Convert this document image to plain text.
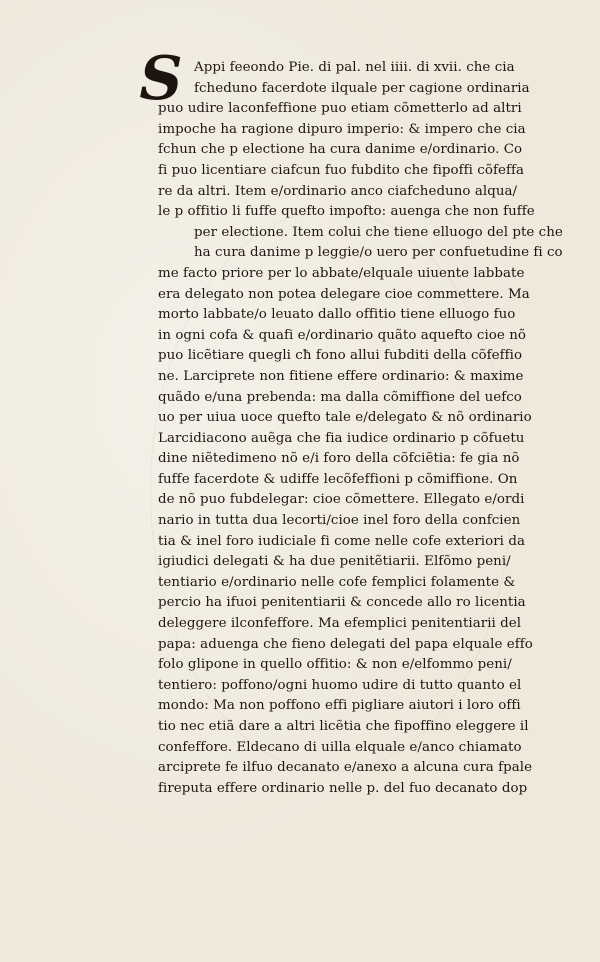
S Appi feeondo Pie. di pal. nel iiii. di xvii. che cia
fcheduno facerdote ilquale per cagione ordinaria
puo udire laconfeffione puo etiam cõmetterlo ad altri
impoche ha ragione dipuro imperio: & impero che cia
fchun che p electione ha cura danime e/ordinario. Co
fi puo licentiare ciafcun fuo fubdito che fipoffi cõfeffa
re da altri. Item e/ordinario anco ciafcheduno alqua/
le p offitio li fuffe quefto impofto: auenga che non fuffe
per electione. Item colui che tiene elluogo del pte che
ha cura danime p leggie/o uero per confuetudine fi co
me facto priore per lo abbate/elquale uiuente labbate
era delegato non potea delegare cioe commettere. Ma
morto labbate/o leuato dallo offitio tiene elluogo fuo
in ogni cofa & quafi e/ordinario quãto aquefto cioe nõ
puo licẽtiare quegli cħ fono allui fubditi della cõfeffio
ne. Larciprete non fitiene effere ordinario: & maxime
quãdo e/una prebenda: ma dalla cõmiffione del uefco
uo per uiua uoce quefto tale e/delegato & nõ ordinario
Larcidiacono auẽga che fia iudice ordinario p cõfuetu
dine niẽtedimeno nõ e/i foro della cõfciẽtia: fe gia nõ
fuffe facerdote & udiffe lecõfeffioni p cõmiffione. On
de nõ puo fubdelegar: cioe cõmettere. Ellegato e/ordi
nario in tutta dua lecorti/cioe inel foro della confcien
tia & inel foro iudiciale fi come nelle cofe exteriori da
igiudici delegati & ha due penitẽtiarii. Elfõmo peni/
tentiario e/ordinario nelle cofe femplici folamente &
percio ha ifuoi penitentiarii & concede allo ro licentia
deleggere ilconfeffore. Ma efemplici penitentiarii del
papa: aduenga che fieno delegati del papa elquale effo
folo glipone in quello offitio: & non e/elfommo peni/
tentiero: poffono/ogni huomo udire di tutto quanto el
mondo: Ma non poffono effi pigliare aiutori i loro offi
tio nec etiã dare a altri licẽtia che fipoffino eleggere il
confeffore. Eldecano di uilla elquale e/anco chiamato
arciprete fe ilfuo decanato e/anexo a alcuna cura fpale
fireputa effere ordinario nelle p. del fuo decanato dop
